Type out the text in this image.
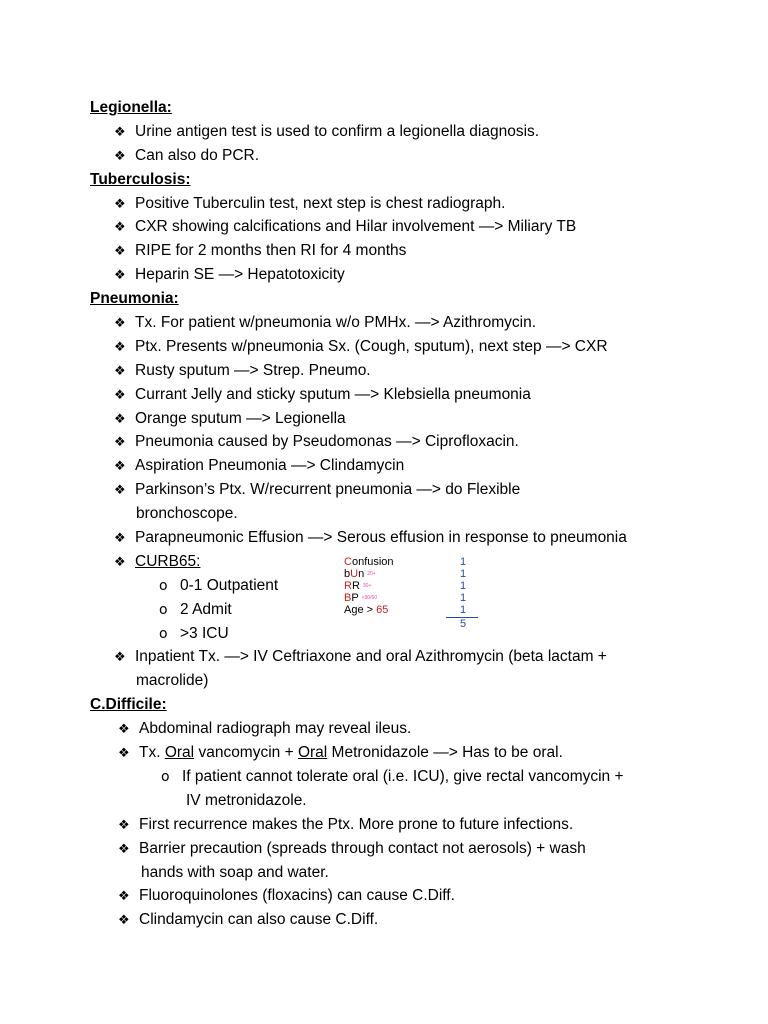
Legionella:
❖ Urine antigen test is used to confirm a legionella diagnosis.
❖ Can also do PCR.
Tuberculosis:
❖ Positive Tuberculin test, next step is chest radiograph.
❖ CXR showing calcifications and Hilar involvement —> Miliary TB
❖ RIPE for 2 months then RI for 4 months
❖ Heparin SE —> Hepatotoxicity
Pneumonia:
❖ Tx. For patient w/pneumonia w/o PMHx. —> Azithromycin.
❖ Ptx. Presents w/pneumonia Sx. (Cough, sputum), next step —> CXR
❖ Rusty sputum —> Strep. Pneumo.
❖ Currant Jelly and sticky sputum —> Klebsiella pneumonia
❖ Orange sputum —> Legionella
❖ Pneumonia caused by Pseudomonas —> Ciprofloxacin.
❖ Aspiration Pneumonia —> Clindamycin
❖ Parkinson’s Ptx. W/recurrent pneumonia —> do Flexible
bronchoscope.
❖ Parapneumonic Effusion —> Serous effusion in response to pneumonia
❖ CURB65:
o 0-1 Outpatient
o 2 Admit
o >3 ICU
❖ Inpatient Tx. —> IV Ceftriaxone and oral Azithromycin (beta lactam +
macrolide)
C.Difficile:
❖ Abdominal radiograph may reveal ileus.
❖ Tx. Oral vancomycin + Oral Metronidazole —> Has to be oral.
o If patient cannot tolerate oral (i.e. ICU), give rectal vancomycin +
IV metronidazole.
❖ First recurrence makes the Ptx. More prone to future infections.
❖ Barrier precaution (spreads through contact not aerosols) + wash
hands with soap and water.
❖ Fluoroquinolones (floxacins) can cause C.Diff.
❖ Clindamycin can also cause C.Diff.
Confusion	1
bUn 20+	1
RR 30+	1
BP <90/60	1
Age > 65	1
5
